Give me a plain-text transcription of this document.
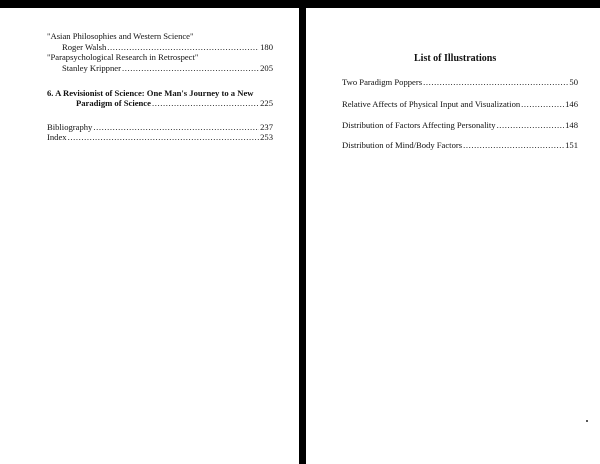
"Asian Philosophies and Western Science"
Roger Walsh .....	180
"Parapsychological Research in Retrospect"
Stanley Krippner .....	205
6. A Revisionist of Science: One Man's Journey to a New
Paradigm of Science .....	225
Bibliography .....	237
Index .....	253
List of Illustrations
Two Paradigm Poppers .....	50
Relative Affects of Physical Input and Visualization .....	146
Distribution of Factors Affecting Personality .....	148
Distribution of Mind/Body Factors .....	151
